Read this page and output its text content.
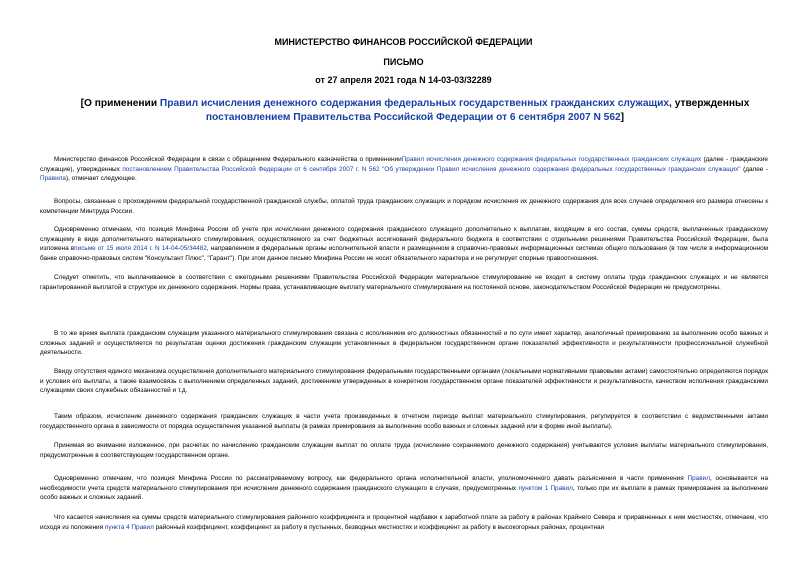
МИНИСТЕРСТВО ФИНАНСОВ РОССИЙСКОЙ ФЕДЕРАЦИИ
ПИСЬМО
от 27 апреля 2021 года N 14-03-03/32289
[О применении Правил исчисления денежного содержания федеральных государственных гражданских служащих, утвержденных постановлением Правительства Российской Федерации от 6 сентября 2007 N 562]
Министерство финансов Российской Федерации в связи с обращением Федерального казначейства о примененииПравил исчисления денежного содержания федеральных государственных гражданских служащих (далее - гражданские служащие), утвержденных постановлением Правительства Российской Федерации от 6 сентября 2007 г. N 562 "Об утверждении Правил исчисления денежного содержания федеральных государственных гражданских служащих" (далее - Правила), отмечает следующее.
Вопросы, связанные с прохождением федеральной государственной гражданской службы, оплатой труда гражданских служащих и порядком исчисления их денежного содержания для всех случаев определения его размера отнесены к компетенции Минтруда России.
Одновременно отмечаем, что позиция Минфина России об учете при исчислении денежного содержания гражданского служащего дополнительно к выплатам, входящим в его состав, суммы средств, выплаченных гражданскому служащему в виде дополнительного материального стимулирования, осуществляемого за счет бюджетных ассигнований федерального бюджета в соответствии с отдельными решениями Правительства Российской Федерации, была изложена вписьме от 15 июля 2014 г. N 14-04-05/34482, направленном в федеральные органы исполнительной власти и размещенном в справочно-правовых информационных системах общего пользования (в том числе в информационном банке справочно-правовых систем "Консультант Плюс", "Гарант"). При этом данное письмо Минфина России не носит обязательного характера и не регулирует спорные правоотношения.
Следует отметить, что выплачиваемое в соответствии с ежегодными решениями Правительства Российской Федерации материальное стимулирование не входит в систему оплаты труда гражданских служащих и не является гарантированной выплатой в структуре их денежного содержания. Нормы права, устанавливающие выплату материального стимулирования на постоянной основе, законодательством Российской Федерации не предусмотрены.
В то же время выплата гражданским служащим указанного материального стимулирования связана с исполнением его должностных обязанностей и по сути имеет характер, аналогичный премированию за выполнение особо важных и сложных заданий и осуществляется по результатам оценки достижения гражданским служащим установленных в федеральном государственном органе показателей эффективности и результативности профессиональной служебной деятельности.
Ввиду отсутствия единого механизма осуществления дополнительного материального стимулирования федеральными государственными органами (локальными нормативными правовыми актами) самостоятельно определяются порядок и условия его выплаты, а также взаимосвязь с выполнением определенных заданий, достижением утвержденных в конкретном государственном органе показателей эффективности и результативности, качеством исполнения гражданскими служащими своих служебных обязанностей и т.д.
Таким образом, исчисление денежного содержания гражданских служащих в части учета произведенных в отчетном периоде выплат материального стимулирования, регулируется в соответствии с ведомственными актами государственного органа в зависимости от порядка осуществления указанной выплаты (в рамках премирования за выполнение особо важных и сложных заданий или в форме иной выплаты).
Принимая во внимание изложенное, при расчетах по начислению гражданским служащим выплат по оплате труда (исчисление сохраняемого денежного содержания) учитываются условия выплаты материального стимулирования, предусмотренные в соответствующем государственном органе.
Одновременно отмечаем, что позиция Минфина России по рассматриваемому вопросу, как федерального органа исполнительной власти, уполномоченного давать разъяснения в части применения Правил, основывается на необходимости учета средств материального стимулирования при исчислении денежного содержания гражданского служащего в случаях, предусмотренных пунктом 1 Правил, только при их выплате в рамках премирования за выполнение особо важных и сложных заданий.
Что касается начисления на суммы средств материального стимулирования районного коэффициента и процентной надбавки к заработной плате за работу в районах Крайнего Севера и приравненных к ним местностях, отмечаем, что исходя из положения пункта 4 Правил районный коэффициент, коэффициент за работу в пустынных, безводных местностях и коэффициент за работу в высокогорных районах, процентная
